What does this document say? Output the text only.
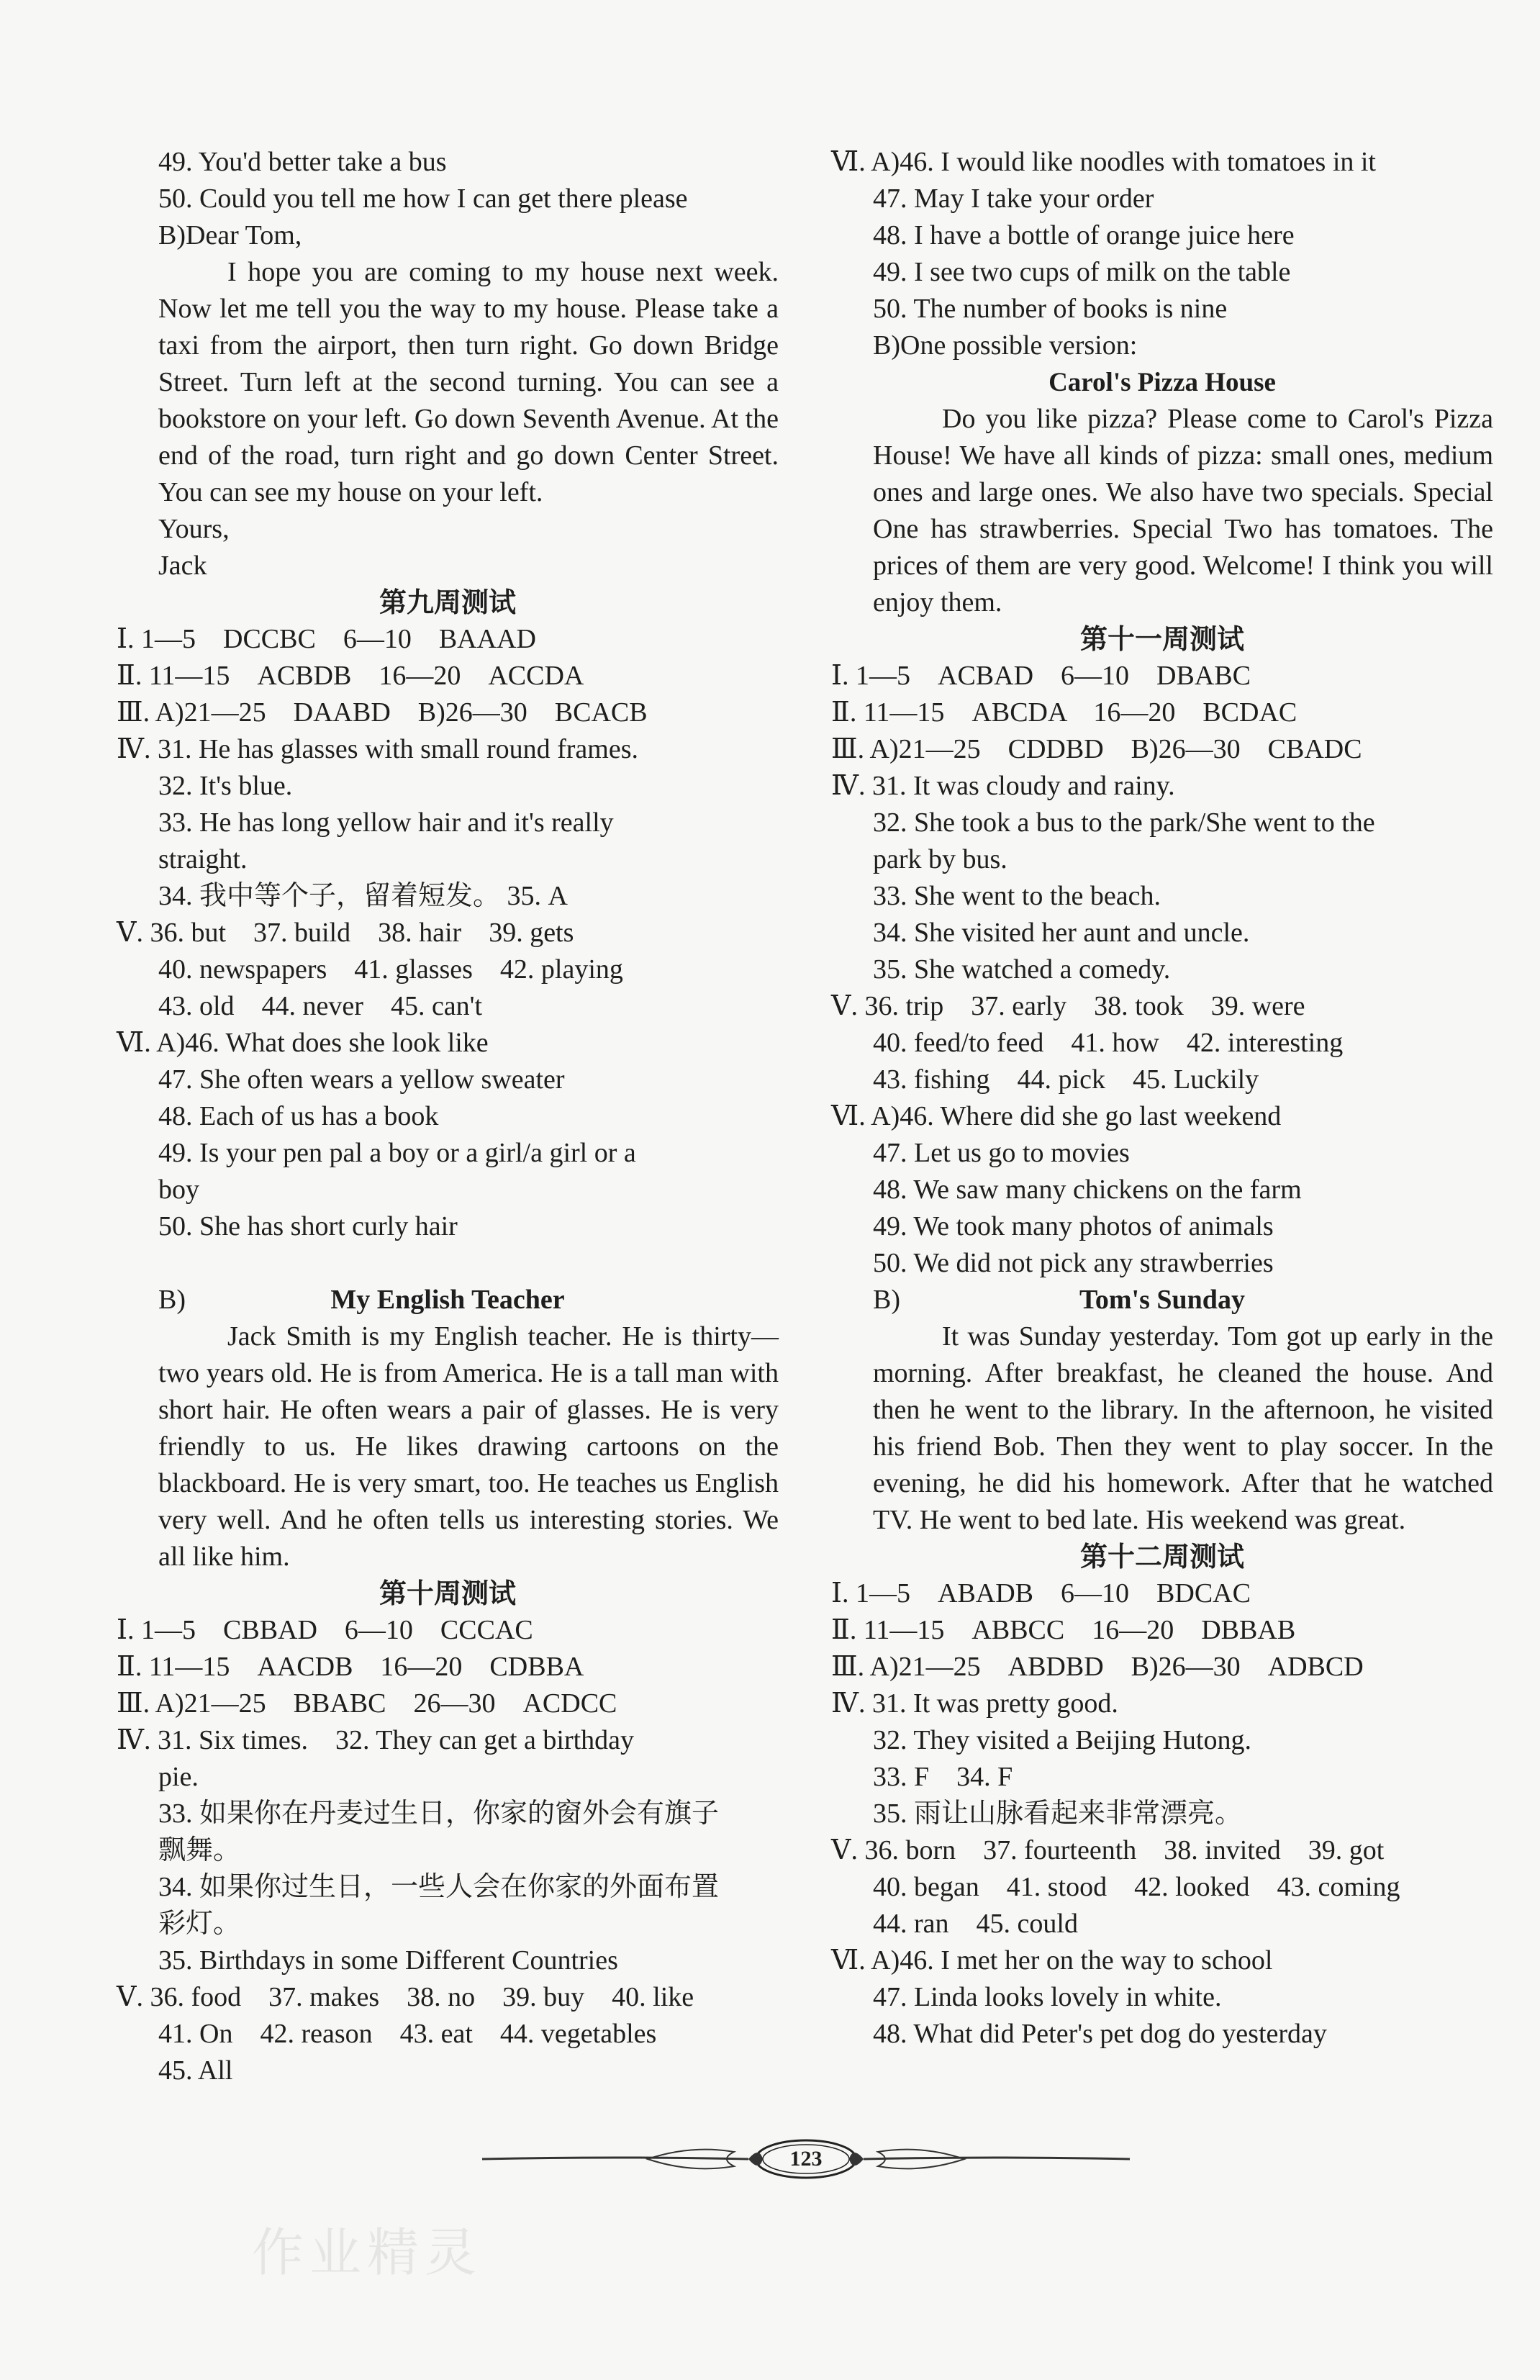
49. You'd better take a bus
50. Could you tell me how I can get there please
B)Dear Tom,
I hope you are coming to my house next week. Now let me tell you the way to my house. Please take a taxi from the airport, then turn right. Go down Bridge Street. Turn left at the second turning. You can see a bookstore on your left. Go down Seventh Avenue. At the end of the road, turn right and go down Center Street. You can see my house on your left.
Yours,
Jack
第九周测试
Ⅰ. 1—5　DCCBC　6—10　BAAAD
Ⅱ. 11—15　ACBDB　16—20　ACCDA
Ⅲ. A)21—25　DAABD　B)26—30　BCACB
Ⅳ. 31. He has glasses with small round frames.
32. It's blue.
33. He has long yellow hair and it's really
straight.
34. 我中等个子，留着短发。 35. A
Ⅴ. 36. but　37. build　38. hair　39. gets
40. newspapers　41. glasses　42. playing
43. old　44. never　45. can't
Ⅵ. A)46. What does she look like
47. She often wears a yellow sweater
48. Each of us has a book
49. Is your pen pal a boy or a girl/a girl or a
boy
50. She has short curly hair
B)	My English Teacher
Jack Smith is my English teacher. He is thirty—two years old. He is from America. He is a tall man with short hair. He often wears a pair of glasses. He is very friendly to us. He likes drawing cartoons on the blackboard. He is very smart, too. He teaches us English very well. And he often tells us interesting stories. We all like him.
第十周测试
Ⅰ. 1—5　CBBAD　6—10　CCCAC
Ⅱ. 11—15　AACDB　16—20　CDBBA
Ⅲ. A)21—25　BBABC　26—30　ACDCC
Ⅳ. 31. Six times.　32. They can get a birthday
pie.
33. 如果你在丹麦过生日，你家的窗外会有旗子
飘舞。
34. 如果你过生日，一些人会在你家的外面布置
彩灯。
35. Birthdays in some Different Countries
Ⅴ. 36. food　37. makes　38. no　39. buy　40. like
41. On　42. reason　43. eat　44. vegetables
45. All
Ⅵ. A)46. I would like noodles with tomatoes in it
47. May I take your order
48. I have a bottle of orange juice here
49. I see two cups of milk on the table
50. The number of books is nine
B)One possible version:
Carol's Pizza House
Do you like pizza? Please come to Carol's Pizza House! We have all kinds of pizza: small ones, medium ones and large ones. We also have two specials. Special One has strawberries. Special Two has tomatoes. The prices of them are very good. Welcome! I think you will enjoy them.
第十一周测试
Ⅰ. 1—5　ACBAD　6—10　DBABC
Ⅱ. 11—15　ABCDA　16—20　BCDAC
Ⅲ. A)21—25　CDDBD　B)26—30　CBADC
Ⅳ. 31. It was cloudy and rainy.
32. She took a bus to the park/She went to the
park by bus.
33. She went to the beach.
34. She visited her aunt and uncle.
35. She watched a comedy.
Ⅴ. 36. trip　37. early　38. took　39. were
40. feed/to feed　41. how　42. interesting
43. fishing　44. pick　45. Luckily
Ⅵ. A)46. Where did she go last weekend
47. Let us go to movies
48. We saw many chickens on the farm
49. We took many photos of animals
50. We did not pick any strawberries
B)	Tom's Sunday
It was Sunday yesterday. Tom got up early in the morning. After breakfast, he cleaned the house. And then he went to the library. In the afternoon, he visited his friend Bob. Then they went to play soccer. In the evening, he did his homework. After that he watched TV. He went to bed late. His weekend was great.
第十二周测试
Ⅰ. 1—5　ABADB　6—10　BDCAC
Ⅱ. 11—15　ABBCC　16—20　DBBAB
Ⅲ. A)21—25　ABDBD　B)26—30　ADBCD
Ⅳ. 31. It was pretty good.
32. They visited a Beijing Hutong.
33. F　34. F
35. 雨让山脉看起来非常漂亮。
Ⅴ. 36. born　37. fourteenth　38. invited　39. got
40. began　41. stood　42. looked　43. coming
44. ran　45. could
Ⅵ. A)46. I met her on the way to school
47. Linda looks lovely in white.
48. What did Peter's pet dog do yesterday
123
作业精灵
